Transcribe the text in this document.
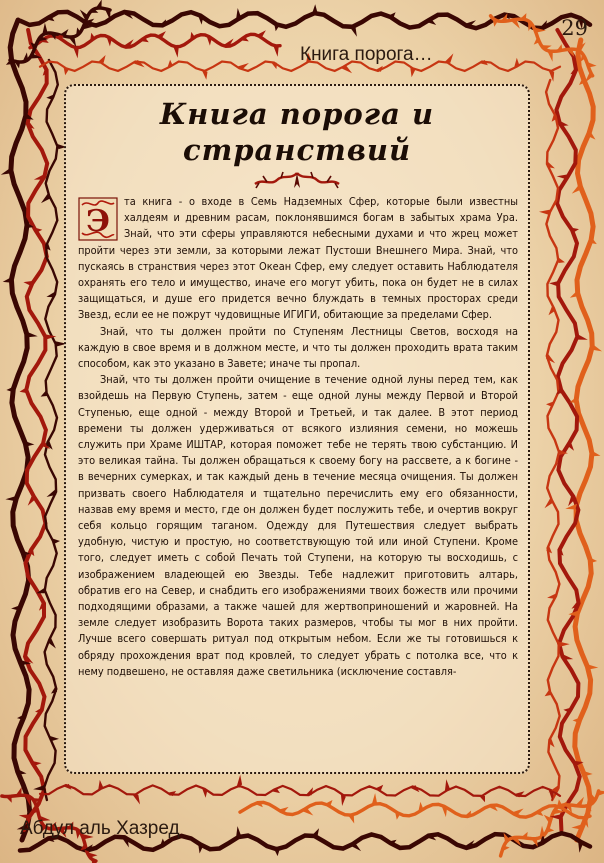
29
Книга порога…
Книга порога и
странствий

Э
та книга - о входе в Семь Надземных Сфер, которые были известны халдеям и древним расам, поклонявшимся богам в забытых храма Ура. Знай, что эти сферы управляются небесными духами и что жрец может пройти через эти земли, за которыми лежат Пустоши Внешнего Мира. Знай, что пускаясь в странствия через этот Океан Сфер, ему следует оставить Наблюдателя охранять его тело и имущество, иначе его могут убить, пока он будет не в силах защищаться, и душе его придется вечно блуждать в темных просторах среди Звезд, если ее не пожрут чудовищные ИГИГИ, обитающие за пределами Сфер.

Знай, что ты должен пройти по Ступеням Лестницы Светов, восходя на каждую в свое время и в должном месте, и что ты должен проходить врата таким способом, как это указано в Завете; иначе ты пропал.

Знай, что ты должен пройти очищение в течение одной луны перед тем, как взойдешь на Первую Ступень, затем - еще одной луны между Первой и Второй Ступенью, еще одной - между Второй и Третьей, и так далее. В этот период времени ты должен удерживаться от всякого излияния семени, но можешь служить при Храме ИШТАР, которая поможет тебе не терять твою субстанцию. И это великая тайна. Ты должен обращаться к своему богу на рассвете, а к богине - в вечерних сумерках, и так каждый день в течение месяца очищения. Ты должен призвать своего Наблюдателя и тщательно перечислить ему его обязанности, назвав ему время и место, где он должен будет послужить тебе, и очертив вокруг себя кольцо горящим таганом. Одежду для Путешествия следует выбрать удобную, чистую и простую, но соответствующую той или иной Ступени. Кроме того, следует иметь с собой Печать той Ступени, на которую ты восходишь, с изображением владеющей ею Звезды. Тебе надлежит приготовить алтарь, обратив его на Север, и снабдить его изображениями твоих божеств или прочими подходящими образами, а также чашей для жертвоприношений и жаровней. На земле следует изобразить Ворота таких размеров, чтобы ты мог в них пройти. Лучше всего совершать ритуал под открытым небом. Если же ты готовишься к обряду прохождения врат под кровлей, то следует убрать с потолка все, что к нему подвешено, не оставляя даже светильника (исключение составля-

Абдул аль Хазред
